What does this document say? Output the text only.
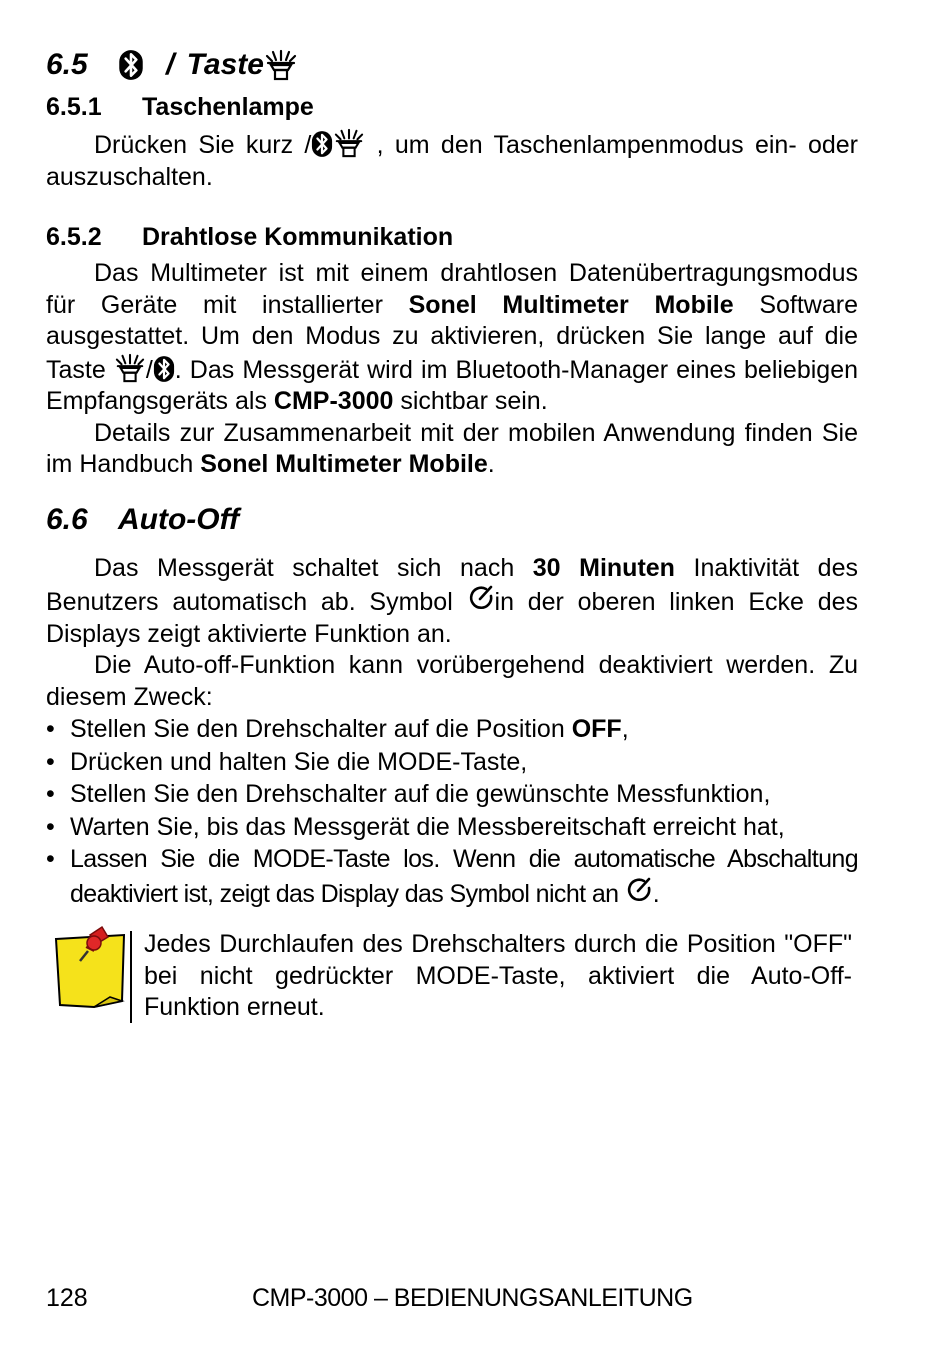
6.5	/ Taste
6.5.1 Taschenlampe

Drücken Sie kurz / , um den Taschenlampenmodus ein- oder auszuschalten.

6.5.2 Drahtlose Kommunikation

Das Multimeter ist mit einem drahtlosen Datenübertragungsmodus für Geräte mit installierter Sonel Multimeter Mobile Software ausgestattet. Um den Modus zu aktivieren, drücken Sie lange auf die Taste / . Das Messgerät wird im Bluetooth-Manager eines beliebigen Empfangsgeräts als CMP-3000 sichtbar sein.

Details zur Zusammenarbeit mit der mobilen Anwendung finden Sie im Handbuch Sonel Multimeter Mobile.

6.6	Auto-Off

Das Messgerät schaltet sich nach 30 Minuten Inaktivität des Benutzers automatisch ab. Symbol in der oberen linken Ecke des Displays zeigt aktivierte Funktion an.

Die Auto-off-Funktion kann vorübergehend deaktiviert werden. Zu diesem Zweck:

• Stellen Sie den Drehschalter auf die Position OFF,
• Drücken und halten Sie die MODE-Taste,
• Stellen Sie den Drehschalter auf die gewünschte Messfunktion,
• Warten Sie, bis das Messgerät die Messbereitschaft erreicht hat,
• Lassen Sie die MODE-Taste los. Wenn die automatische Abschaltung deaktiviert ist, zeigt das Display das Symbol nicht an .
Jedes Durchlaufen des Drehschalters durch die Position "OFF" bei nicht gedrückter MODE-Taste, aktiviert die Auto-Off-Funktion erneut.
128	CMP-3000 – BEDIENUNGSANLEITUNG
